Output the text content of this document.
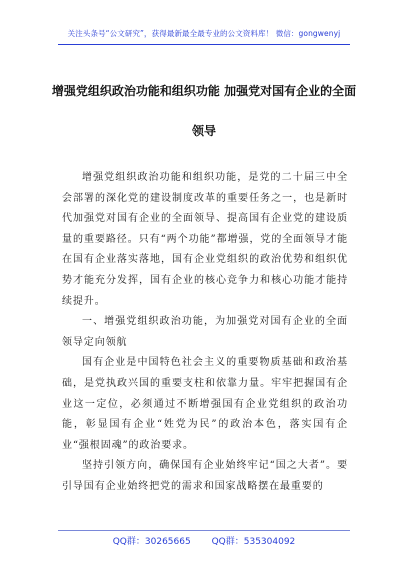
关注头条号“公文研究”，获得最新最全最专业的公文资料库！ 微信：gongwenyj
增强党组织政治功能和组织功能 加强党对国有企业的全面
领导

增强党组织政治功能和组织功能，是党的二十届三中全会部署的深化党的建设制度改革的重要任务之一，也是新时代加强党对国有企业的全面领导、提高国有企业党的建设质量的重要路径。只有“两个功能”都增强，党的全面领导才能在国有企业落实落地，国有企业党组织的政治优势和组织优势才能充分发挥，国有企业的核心竞争力和核心功能才能持续提升。

一、增强党组织政治功能，为加强党对国有企业的全面领导定向领航

国有企业是中国特色社会主义的重要物质基础和政治基础，是党执政兴国的重要支柱和依靠力量。牢牢把握国有企业这一定位，必须通过不断增强国有企业党组织的政治功能，彰显国有企业“姓党为民”的政治本色，落实国有企业“强根固魂”的政治要求。

坚持引领方向，确保国有企业始终牢记“国之大者”。要引导国有企业始终把党的需求和国家战略摆在最重要的

QQ群：30265665 QQ群：535304092
